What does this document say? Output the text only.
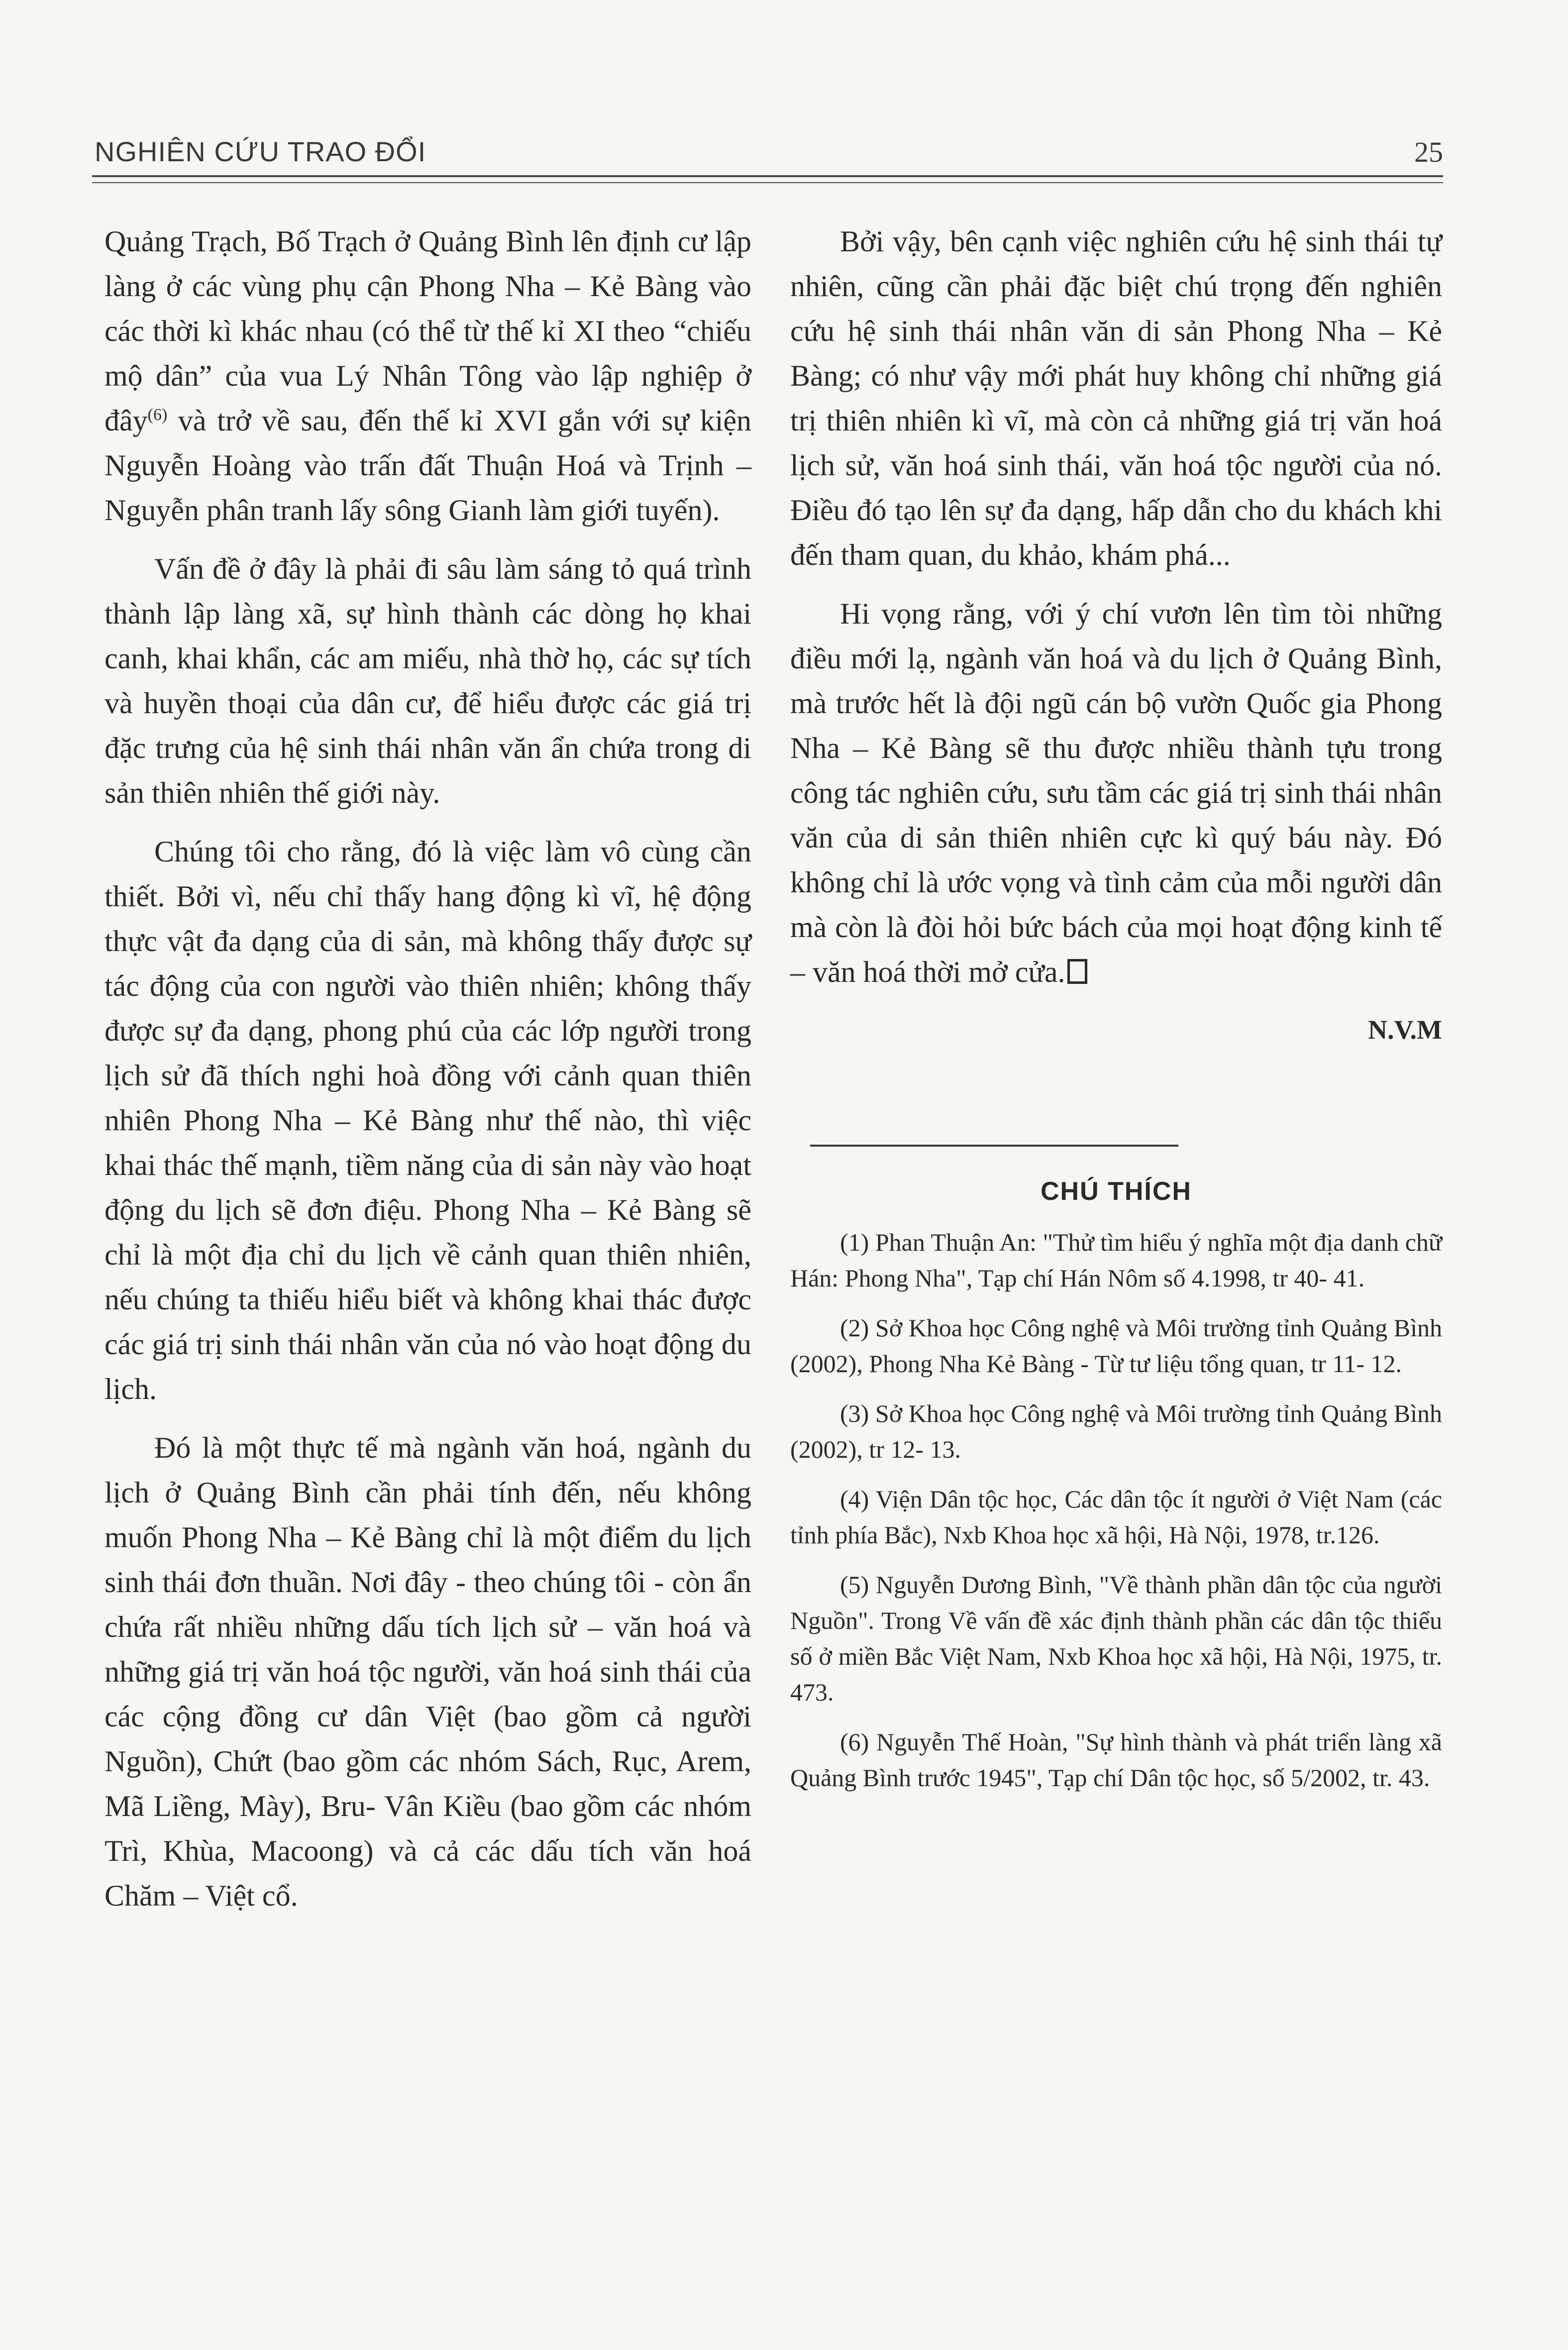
NGHIÊN CỨU TRAO ĐỔI	25

Quảng Trạch, Bố Trạch ở Quảng Bình lên định cư lập làng ở các vùng phụ cận Phong Nha – Kẻ Bàng vào các thời kì khác nhau (có thể từ thế kỉ XI theo “chiếu mộ dân” của vua Lý Nhân Tông vào lập nghiệp ở đây$^{(6)}$ và trở về sau, đến thế kỉ XVI gắn với sự kiện Nguyễn Hoàng vào trấn đất Thuận Hoá và Trịnh – Nguyễn phân tranh lấy sông Gianh làm giới tuyến).

Vấn đề ở đây là phải đi sâu làm sáng tỏ quá trình thành lập làng xã, sự hình thành các dòng họ khai canh, khai khẩn, các am miếu, nhà thờ họ, các sự tích và huyền thoại của dân cư, để hiểu được các giá trị đặc trưng của hệ sinh thái nhân văn ẩn chứa trong di sản thiên nhiên thế giới này.

Chúng tôi cho rằng, đó là việc làm vô cùng cần thiết. Bởi vì, nếu chỉ thấy hang động kì vĩ, hệ động thực vật đa dạng của di sản, mà không thấy được sự tác động của con người vào thiên nhiên; không thấy được sự đa dạng, phong phú của các lớp người trong lịch sử đã thích nghi hoà đồng với cảnh quan thiên nhiên Phong Nha – Kẻ Bàng như thế nào, thì việc khai thác thế mạnh, tiềm năng của di sản này vào hoạt động du lịch sẽ đơn điệu. Phong Nha – Kẻ Bàng sẽ chỉ là một địa chỉ du lịch về cảnh quan thiên nhiên, nếu chúng ta thiếu hiểu biết và không khai thác được các giá trị sinh thái nhân văn của nó vào hoạt động du lịch.

Đó là một thực tế mà ngành văn hoá, ngành du lịch ở Quảng Bình cần phải tính đến, nếu không muốn Phong Nha – Kẻ Bàng chỉ là một điểm du lịch sinh thái đơn thuần. Nơi đây - theo chúng tôi - còn ẩn chứa rất nhiều những dấu tích lịch sử – văn hoá và những giá trị văn hoá tộc người, văn hoá sinh thái của các cộng đồng cư dân Việt (bao gồm cả người Nguồn), Chứt (bao gồm các nhóm Sách, Rục, Arem, Mã Liềng, Mày), Bru- Vân Kiều (bao gồm các nhóm Trì, Khùa, Macoong) và cả các dấu tích văn hoá Chăm – Việt cổ.

Bởi vậy, bên cạnh việc nghiên cứu hệ sinh thái tự nhiên, cũng cần phải đặc biệt chú trọng đến nghiên cứu hệ sinh thái nhân văn di sản Phong Nha – Kẻ Bàng; có như vậy mới phát huy không chỉ những giá trị thiên nhiên kì vĩ, mà còn cả những giá trị văn hoá lịch sử, văn hoá sinh thái, văn hoá tộc người của nó. Điều đó tạo lên sự đa dạng, hấp dẫn cho du khách khi đến tham quan, du khảo, khám phá...

Hi vọng rằng, với ý chí vươn lên tìm tòi những điều mới lạ, ngành văn hoá và du lịch ở Quảng Bình, mà trước hết là đội ngũ cán bộ vườn Quốc gia Phong Nha – Kẻ Bàng sẽ thu được nhiều thành tựu trong công tác nghiên cứu, sưu tầm các giá trị sinh thái nhân văn của di sản thiên nhiên cực kì quý báu này. Đó không chỉ là ước vọng và tình cảm của mỗi người dân mà còn là đòi hỏi bức bách của mọi hoạt động kinh tế – văn hoá thời mở cửa.

N.V.M
CHÚ THÍCH

(1) Phan Thuận An: "Thử tìm hiểu ý nghĩa một địa danh chữ Hán: Phong Nha", Tạp chí Hán Nôm số 4.1998, tr 40- 41.

(2) Sở Khoa học Công nghệ và Môi trường tỉnh Quảng Bình (2002), Phong Nha Kẻ Bàng - Từ tư liệu tổng quan, tr 11- 12.

(3) Sở Khoa học Công nghệ và Môi trường tỉnh Quảng Bình (2002), tr 12- 13.

(4) Viện Dân tộc học, Các dân tộc ít người ở Việt Nam (các tỉnh phía Bắc), Nxb Khoa học xã hội, Hà Nội, 1978, tr.126.

(5) Nguyễn Dương Bình, "Về thành phần dân tộc của người Nguồn". Trong Về vấn đề xác định thành phần các dân tộc thiểu số ở miền Bắc Việt Nam, Nxb Khoa học xã hội, Hà Nội, 1975, tr. 473.

(6) Nguyễn Thế Hoàn, "Sự hình thành và phát triển làng xã Quảng Bình trước 1945", Tạp chí Dân tộc học, số 5/2002, tr. 43.
